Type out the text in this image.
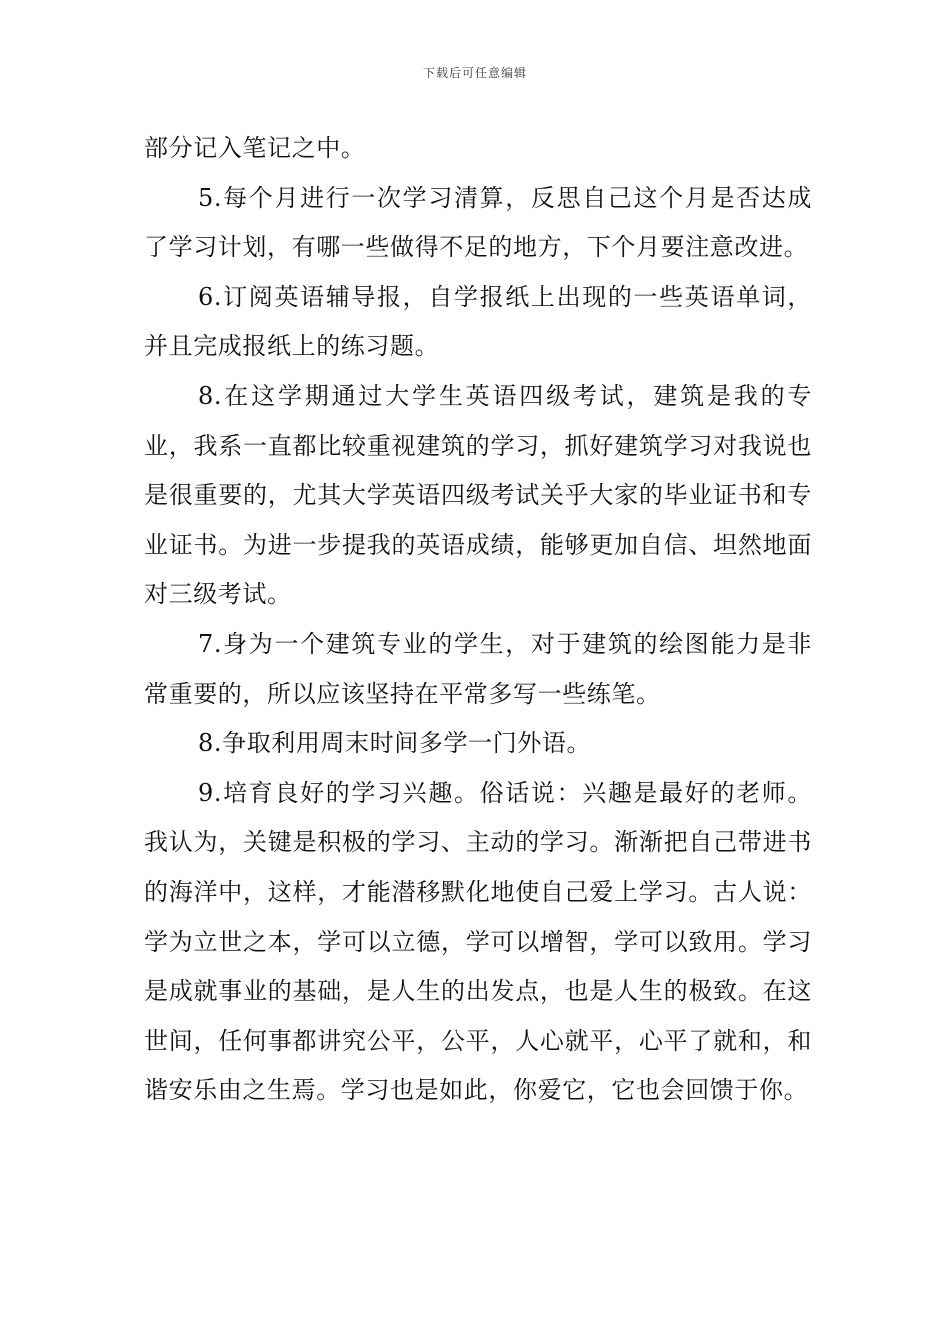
下载后可任意编辑

部分记入笔记之中。

5.每个月进行一次学习清算，反思自己这个月是否达成了学习计划，有哪一些做得不足的地方，下个月要注意改进。

6.订阅英语辅导报，自学报纸上出现的一些英语单词，并且完成报纸上的练习题。

8.在这学期通过大学生英语四级考试，建筑是我的专业，我系一直都比较重视建筑的学习，抓好建筑学习对我说也是很重要的，尤其大学英语四级考试关乎大家的毕业证书和专业证书。为进一步提我的英语成绩，能够更加自信、坦然地面对三级考试。

7.身为一个建筑专业的学生，对于建筑的绘图能力是非常重要的，所以应该坚持在平常多写一些练笔。

8.争取利用周末时间多学一门外语。

9.培育良好的学习兴趣。俗话说：兴趣是最好的老师。我认为，关键是积极的学习、主动的学习。渐渐把自己带进书的海洋中，这样，才能潜移默化地使自己爱上学习。古人说：学为立世之本，学可以立德，学可以增智，学可以致用。学习是成就事业的基础，是人生的出发点，也是人生的极致。在这世间，任何事都讲究公平，公平，人心就平，心平了就和，和谐安乐由之生焉。学习也是如此，你爱它，它也会回馈于你。
